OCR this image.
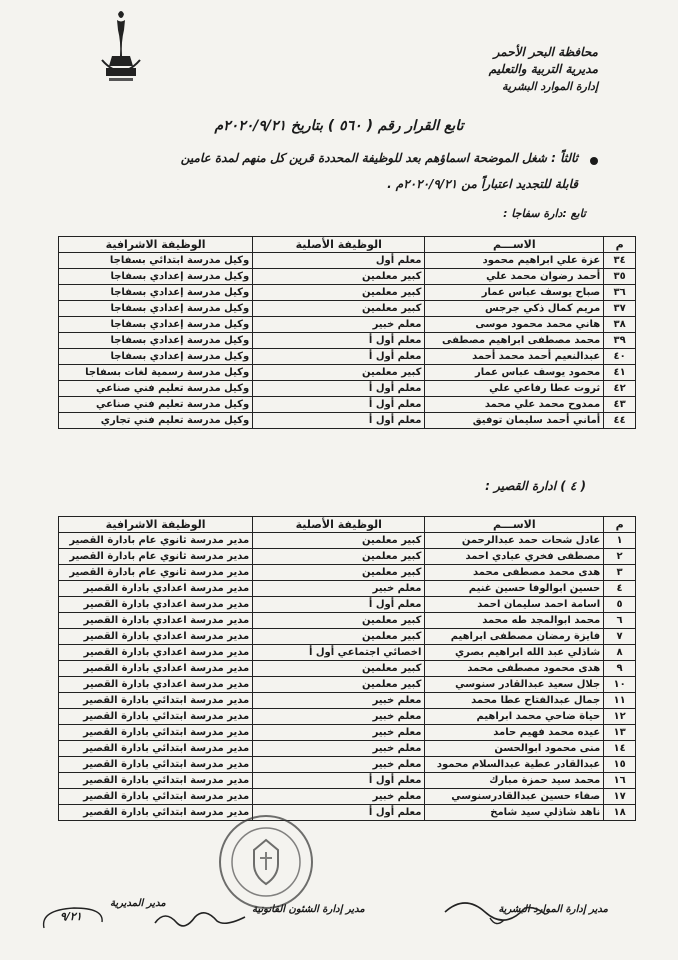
محافظة البحر الأحمر
مديرية التربية والتعليم
إدارة الموارد البشرية
تابع القرار رقم ( ٥٦٠ ) بتاريخ ٢٠٢٠/٩/٢١م
ثالثاً : شغل الموضحة اسماؤهم بعد للوظيفة المحددة قرين كل منهم لمدة عامين
قابلة للتجديد اعتباراً من ٢٠٢٠/٩/٢١م .
تابع :دارة سفاجا :
م	الاســـم	الوظيفة الأصلية	الوظيفة الاشرافية
٣٤	عزة علي ابراهيم محمود	معلم أول	وكيل مدرسة ابتدائي بسفاجا
٣٥	أحمد رضوان محمد علي	كبير معلمين	وكيل مدرسة إعدادي بسفاجا
٣٦	صباح يوسف عباس عمار	كبير معلمين	وكيل مدرسة إعدادي بسفاجا
٣٧	مريم كمال ذكي جرجس	كبير معلمين	وكيل مدرسة إعدادي بسفاجا
٣٨	هاني محمد محمود موسى	معلم خبير	وكيل مدرسة إعدادي بسفاجا
٣٩	محمد مصطفى ابراهيم مصطفى	معلم أول أ	وكيل مدرسة إعدادي بسفاجا
٤٠	عبدالنعيم أحمد محمد أحمد	معلم أول أ	وكيل مدرسة إعدادي بسفاجا
٤١	محمود يوسف عباس عمار	كبير معلمين	وكيل مدرسة رسمية لغات بسفاجا
٤٢	ثروت عطا رفاعي علي	معلم أول أ	وكيل مدرسة تعليم فني صناعي
٤٣	ممدوح محمد علي محمد	معلم أول أ	وكيل مدرسة تعليم فني صناعي
٤٤	أماني أحمد سليمان توفيق	معلم أول أ	وكيل مدرسة تعليم فني تجاري
( ٤ ) ادارة القصير :
م	الاســـم	الوظيفة الأصلية	الوظيفة الاشرافية
١	عادل شحات حمد عبدالرحمن	كبير معلمين	مدير مدرسة ثانوي عام بادارة القصير
٢	مصطفى فخري عبادي احمد	كبير معلمين	مدير مدرسة ثانوي عام بادارة القصير
٣	هدى محمد مصطفى محمد	كبير معلمين	مدير مدرسة ثانوي عام بادارة القصير
٤	حسين ابوالوفا حسين غنيم	معلم خبير	مدير مدرسة اعدادي بادارة القصير
٥	اسامة احمد سليمان احمد	معلم أول أ	مدير مدرسة اعدادي بادارة القصير
٦	محمد ابوالمجد طه محمد	كبير معلمين	مدير مدرسة اعدادي بادارة القصير
٧	فايزة رمضان مصطفى ابراهيم	كبير معلمين	مدير مدرسة اعدادي بادارة القصير
٨	شاذلي عبد الله ابراهيم بصري	اخصائي اجتماعي أول أ	مدير مدرسة اعدادي بادارة القصير
٩	هدى محمود مصطفى محمد	كبير معلمين	مدير مدرسة اعدادي بادارة القصير
١٠	جلال سعيد عبدالقادر سنوسي	كبير معلمين	مدير مدرسة اعدادي بادارة القصير
١١	جمال عبدالفتاح عطا محمد	معلم خبير	مدير مدرسة ابتدائي بادارة القصير
١٢	حياة ضاحي محمد ابراهيم	معلم خبير	مدير مدرسة ابتدائي بادارة القصير
١٣	عيده محمد فهيم حامد	معلم خبير	مدير مدرسة ابتدائي بادارة القصير
١٤	منى محمود ابوالحسن	معلم خبير	مدير مدرسة ابتدائي بادارة القصير
١٥	عبدالقادر عطية عبدالسلام محمود	معلم خبير	مدير مدرسة ابتدائي بادارة القصير
١٦	محمد سيد حمزة مبارك	معلم أول أ	مدير مدرسة ابتدائي بادارة القصير
١٧	صفاء حسين عبدالقادرسنوسي	معلم خبير	مدير مدرسة ابتدائي بادارة القصير
١٨	ناهد شاذلي سيد شامخ	معلم أول أ	مدير مدرسة ابتدائي بادارة القصير
مدير إدارة الموارد البشرية
مدير إدارة الشئون القانونية
مدير المديرية
٩/٢١
